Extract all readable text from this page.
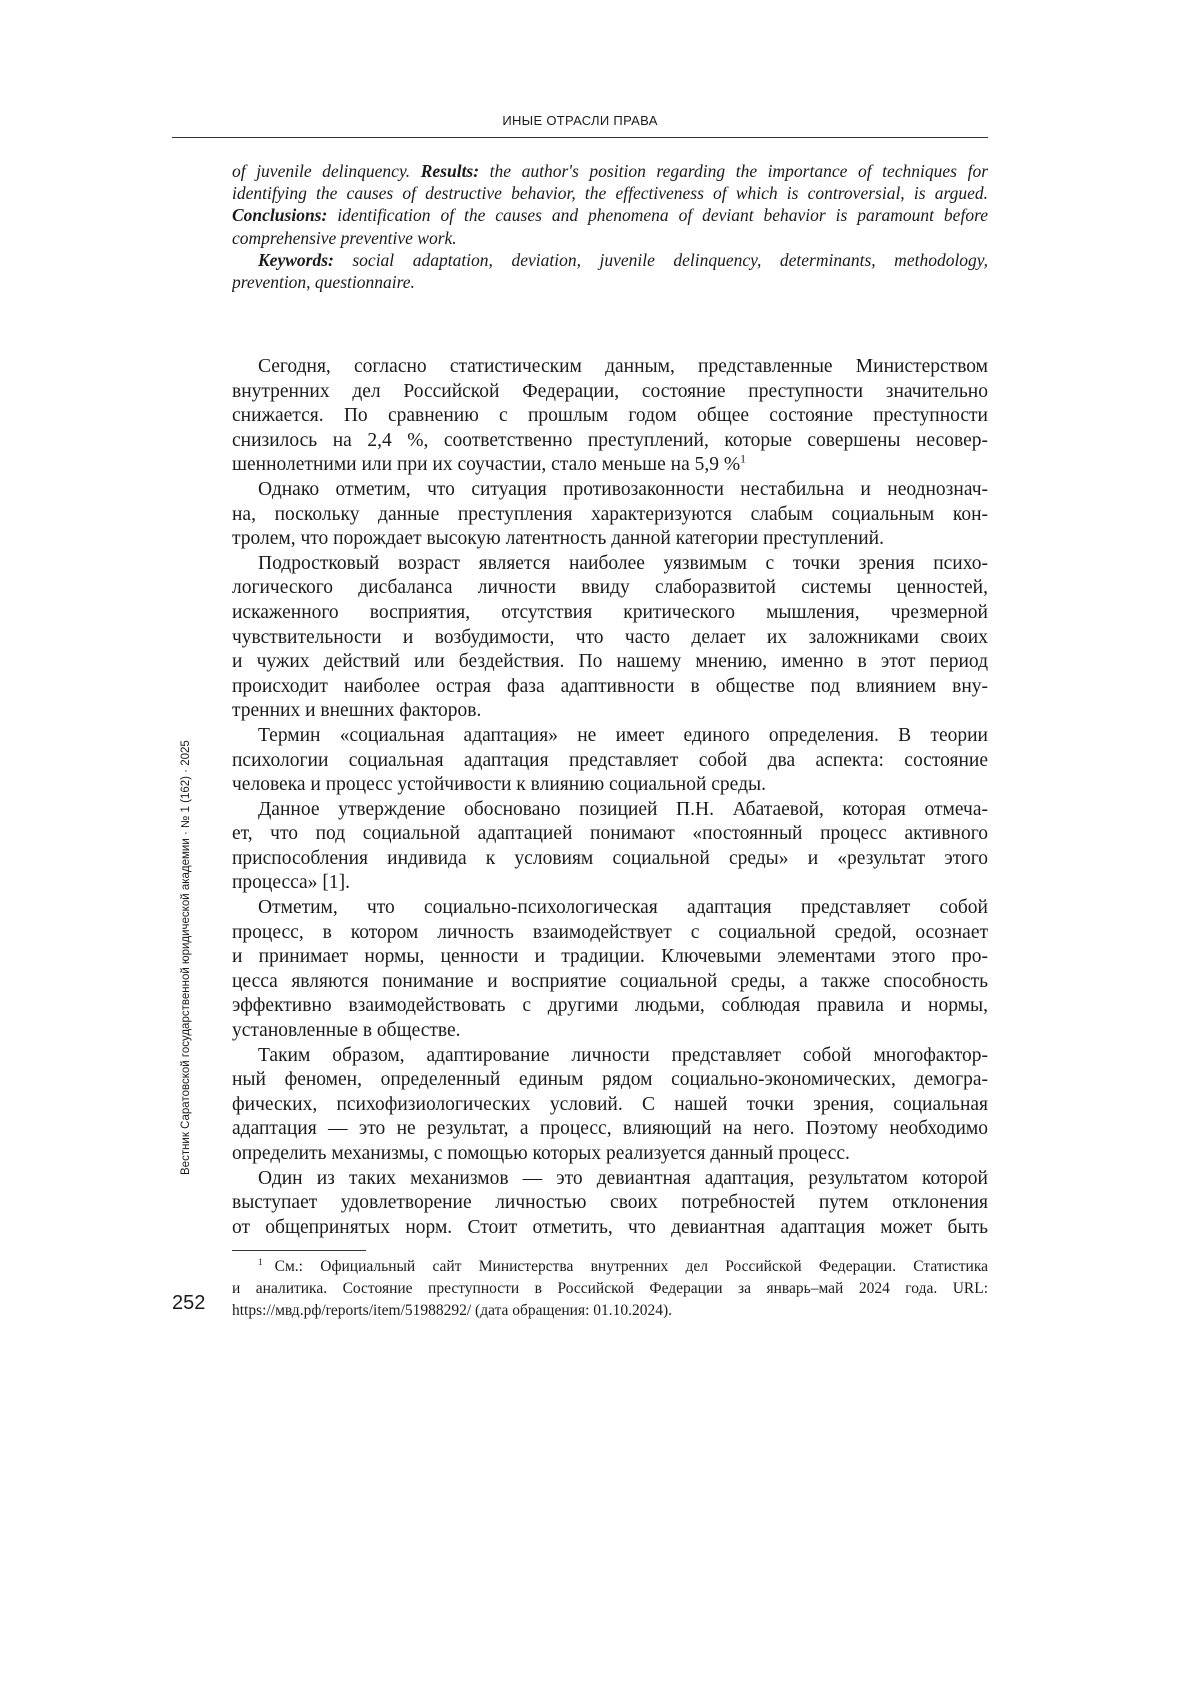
ИНЫЕ ОТРАСЛИ ПРАВА
of juvenile delinquency. Results: the author's position regarding the importance of techniques for
identifying the causes of destructive behavior, the effectiveness of which is controversial, is argued.
Conclusions: identification of the causes and phenomena of deviant behavior is paramount before
comprehensive preventive work.
Keywords: social adaptation, deviation, juvenile delinquency, determinants, methodology,
prevention, questionnaire.
Сегодня, согласно статистическим данным, представленные Министерством
внутренних дел Российской Федерации, состояние преступности значительно
снижается. По сравнению с прошлым годом общее состояние преступности
снизилось на 2,4 %, соответственно преступлений, которые совершены несовер-
шеннолетними или при их соучастии, стало меньше на 5,9 %$^1$
Однако отметим, что ситуация противозаконности нестабильна и неоднознач-
на, поскольку данные преступления характеризуются слабым социальным кон-
тролем, что порождает высокую латентность данной категории преступлений.
Подростковый возраст является наиболее уязвимым с точки зрения психо-
логического дисбаланса личности ввиду слаборазвитой системы ценностей,
искаженного восприятия, отсутствия критического мышления, чрезмерной
чувствительности и возбудимости, что часто делает их заложниками своих
и чужих действий или бездействия. По нашему мнению, именно в этот период
происходит наиболее острая фаза адаптивности в обществе под влиянием вну-
тренних и внешних факторов.
Термин «социальная адаптация» не имеет единого определения. В теории
психологии социальная адаптация представляет собой два аспекта: состояние
человека и процесс устойчивости к влиянию социальной среды.
Данное утверждение обосновано позицией П.Н. Абатаевой, которая отмеча-
ет, что под социальной адаптацией понимают «постоянный процесс активного
приспособления индивида к условиям социальной среды» и «результат этого
процесса» [1].
Отметим, что социально-психологическая адаптация представляет собой
процесс, в котором личность взаимодействует с социальной средой, осознает
и принимает нормы, ценности и традиции. Ключевыми элементами этого про-
цесса являются понимание и восприятие социальной среды, а также способность
эффективно взаимодействовать с другими людьми, соблюдая правила и нормы,
установленные в обществе.
Таким образом, адаптирование личности представляет собой многофактор-
ный феномен, определенный единым рядом социально-экономических, демогра-
фических, психофизиологических условий. С нашей точки зрения, социальная
адаптация — это не результат, а процесс, влияющий на него. Поэтому необходимо
определить механизмы, с помощью которых реализуется данный процесс.
Один из таких механизмов — это девиантная адаптация, результатом которой
выступает удовлетворение личностью своих потребностей путем отклонения
от общепринятых норм. Стоит отметить, что девиантная адаптация может быть
$^1$ См.: Официальный сайт Министерства внутренних дел Российской Федерации. Статистика
и аналитика. Состояние преступности в Российской Федерации за январь–май 2024 года. URL:
https://мвд.рф/reports/item/51988292/ (дата обращения: 01.10.2024).
252
Вестник Саратовской государственной юридической академии · № 1 (162) · 2025
